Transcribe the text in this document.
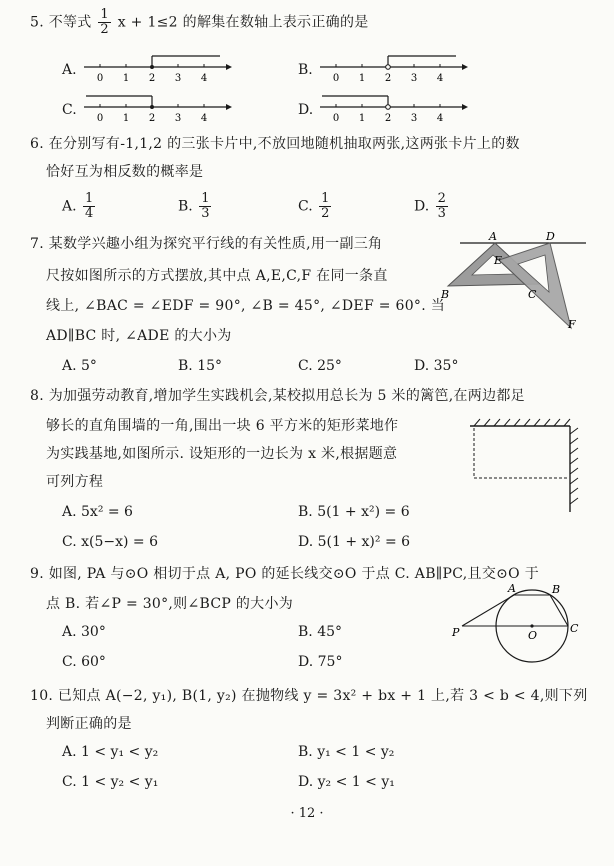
5. 不等式 $\frac{1}{2}$ x + 1≤2 的解集在数轴上表示正确的是
A.	B.
C.	D.
0 1 2 3 4	0 1 2 3 4
0 1 2 3 4	0 1 2 3 4
6. 在分别写有-1,1,2 的三张卡片中,不放回地随机抽取两张,这两张卡片上的数
恰好互为相反数的概率是
A. $\frac{1}{4}$	B. $\frac{1}{3}$	C. $\frac{1}{2}$	D. $\frac{2}{3}$
7. 某数学兴趣小组为探究平行线的有关性质,用一副三角
尺按如图所示的方式摆放,其中点 A,E,C,F 在同一条直
线上, ∠BAC = ∠EDF = 90°, ∠B = 45°, ∠DEF = 60°. 当
AD∥BC 时, ∠ADE 的大小为
A. 5°	B. 15°	C. 25°	D. 35°
A	D
E
B	C
F
8. 为加强劳动教育,增加学生实践机会,某校拟用总长为 5 米的篱笆,在两边都足
够长的直角围墙的一角,围出一块 6 平方米的矩形菜地作
为实践基地,如图所示. 设矩形的一边长为 x 米,根据题意
可列方程
A. 5x² = 6	B. 5(1 + x²) = 6
C. x(5−x) = 6	D. 5(1 + x)² = 6
9. 如图, PA 与⊙O 相切于点 A, PO 的延长线交⊙O 于点 C. AB∥PC,且交⊙O 于
点 B. 若∠P = 30°,则∠BCP 的大小为
A. 30°	B. 45°
C. 60°	D. 75°
A	B
P	O
C
10. 已知点 A(−2, y₁), B(1, y₂) 在抛物线 y = 3x² + bx + 1 上,若 3 < b < 4,则下列
判断正确的是
A. 1 < y₁ < y₂	B. y₁ < 1 < y₂
C. 1 < y₂ < y₁	D. y₂ < 1 < y₁
· 12 ·
